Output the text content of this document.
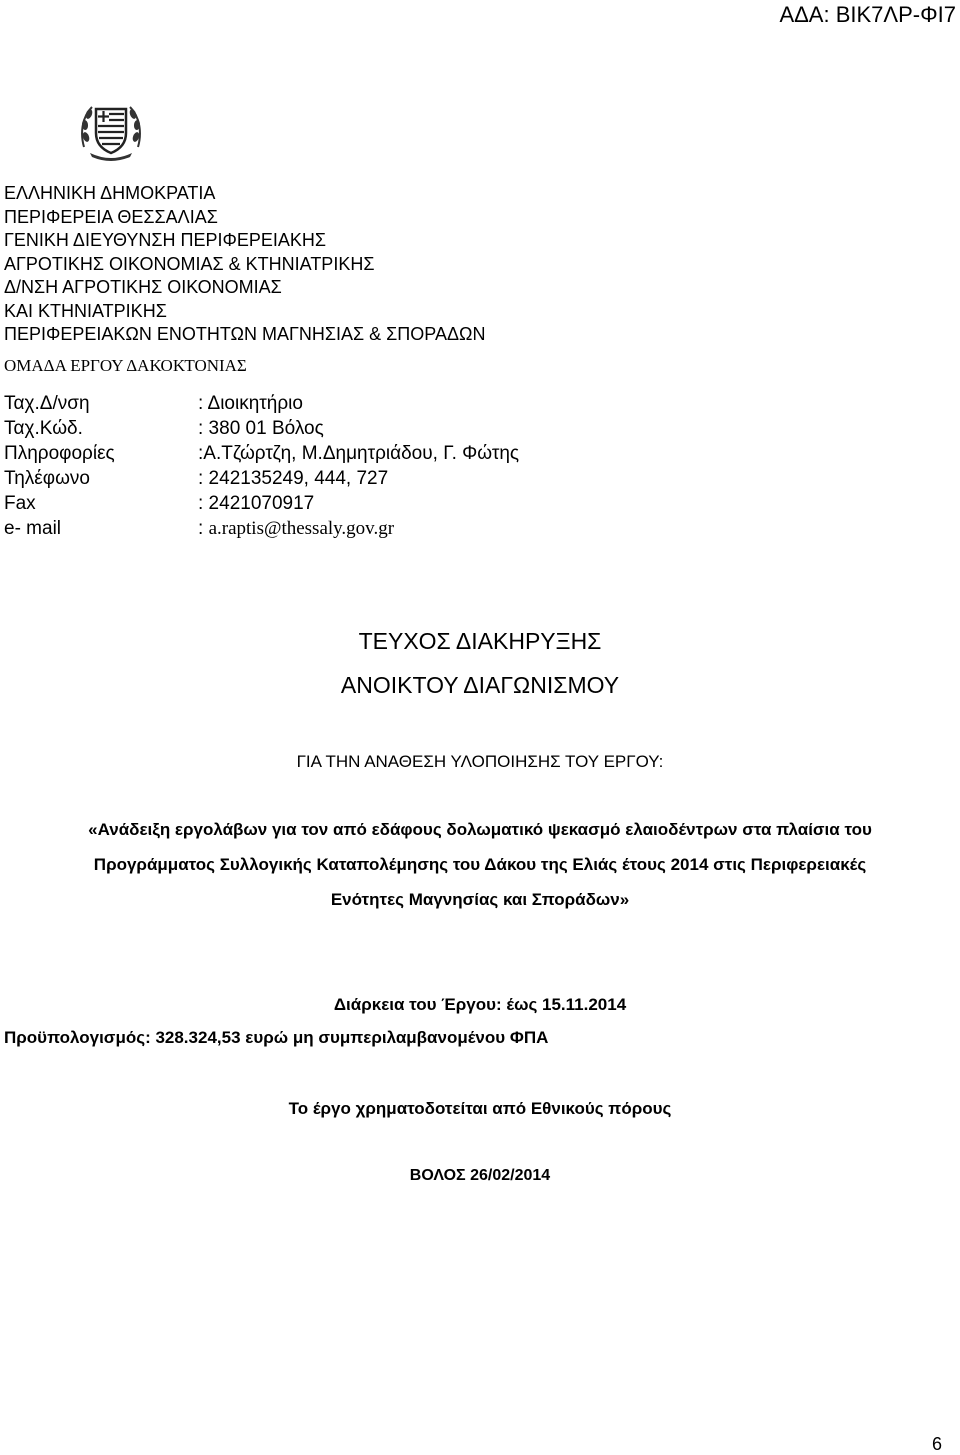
ΑΔΑ: ΒΙΚ7ΛΡ-ΦΙ7
ΕΛΛΗΝΙΚΗ ΔΗΜΟΚΡΑΤΙΑ
ΠΕΡΙΦΕΡΕΙΑ ΘΕΣΣΑΛΙΑΣ
ΓΕΝΙΚΗ ΔΙΕΥΘΥΝΣΗ ΠΕΡΙΦΕΡΕΙΑΚΗΣ
ΑΓΡΟΤΙΚΗΣ ΟΙΚΟΝΟΜΙΑΣ & ΚΤΗΝΙΑΤΡΙΚΗΣ
Δ/ΝΣΗ ΑΓΡΟΤΙΚΗΣ ΟΙΚΟΝΟΜΙΑΣ
ΚΑΙ ΚΤΗΝΙΑΤΡΙΚΗΣ
ΠΕΡΙΦΕΡΕΙΑΚΩΝ ΕΝΟΤΗΤΩΝ ΜΑΓΝΗΣΙΑΣ & ΣΠΟΡΑΔΩΝ
ΟΜΑΔΑ ΕΡΓΟΥ ΔΑΚΟΚΤΟΝΙΑΣ
Ταχ.Δ/νση	: Διοικητήριο
Ταχ.Κώδ.	: 380 01 Βόλος
Πληροφορίες	:Α.Τζώρτζη, Μ.Δημητριάδου, Γ. Φώτης
Τηλέφωνο	: 242135249, 444, 727
Fax	: 2421070917
e- mail	: a.raptis@thessaly.gov.gr
ΤΕΥΧΟΣ ΔΙΑΚΗΡΥΞΗΣ
ΑΝΟΙΚΤΟΥ ΔΙΑΓΩΝΙΣΜΟΥ
ΓΙΑ ΤΗΝ ΑΝΑΘΕΣΗ ΥΛΟΠΟΙΗΣΗΣ ΤΟΥ ΕΡΓΟΥ:
«Ανάδειξη εργολάβων για τον από εδάφους δολωματικό ψεκασμό ελαιοδέντρων στα πλαίσια του
Προγράμματος Συλλογικής Καταπολέμησης του Δάκου της Ελιάς έτους 2014 στις Περιφερειακές
Ενότητες Μαγνησίας και Σποράδων»
Διάρκεια του Έργου: έως 15.11.2014
Προϋπολογισμός: 328.324,53 ευρώ μη συμπεριλαμβανομένου ΦΠΑ
Το έργο χρηματοδοτείται από Εθνικούς πόρους
ΒΟΛΟΣ 26/02/2014
6
